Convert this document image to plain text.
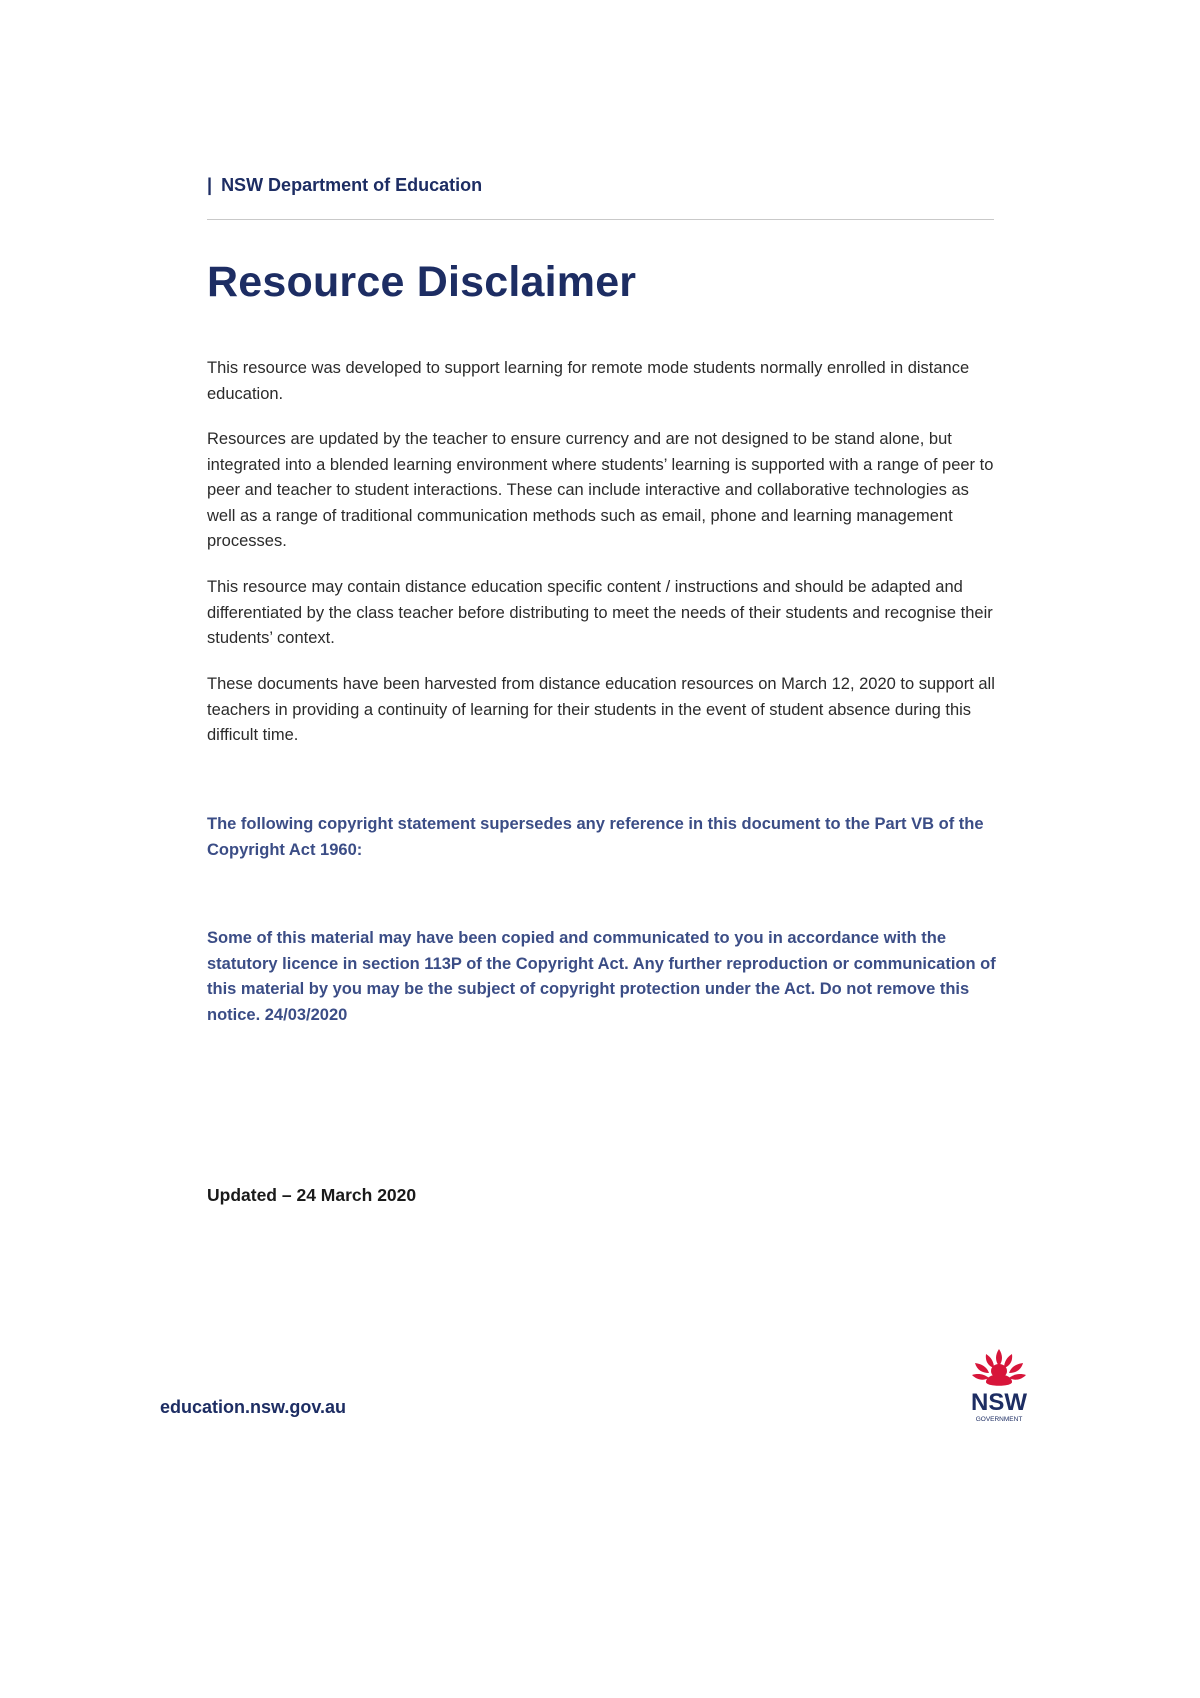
| NSW Department of Education
Resource Disclaimer

This resource was developed to support learning for remote mode students normally enrolled in distance education.

Resources are updated by the teacher to ensure currency and are not designed to be stand alone, but integrated into a blended learning environment where students’ learning is supported with a range of peer to peer and teacher to student interactions. These can include interactive and collaborative technologies as well as a range of traditional communication methods such as email, phone and learning management processes.

This resource may contain distance education specific content / instructions and should be adapted and differentiated by the class teacher before distributing to meet the needs of their students and recognise their students’ context.

These documents have been harvested from distance education resources on March 12, 2020 to support all teachers in providing a continuity of learning for their students in the event of student absence during this difficult time.

The following copyright statement supersedes any reference in this document to the Part VB of the Copyright Act 1960:

Some of this material may have been copied and communicated to you in accordance with the statutory licence in section 113P of the Copyright Act. Any further reproduction or communication of this material by you may be the subject of copyright protection under the Act. Do not remove this notice. 24/03/2020

Updated – 24 March 2020

education.nsw.gov.au	NSW
GOVERNMENT
